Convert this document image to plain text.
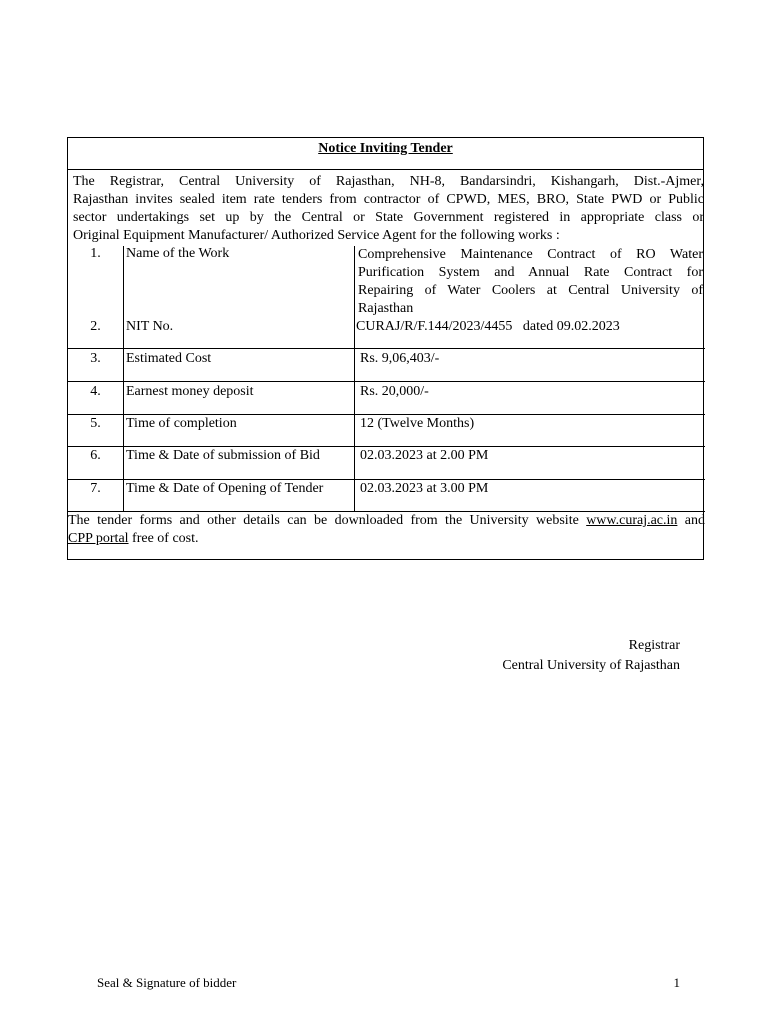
Notice Inviting Tender
The Registrar, Central University of Rajasthan, NH-8, Bandarsindri, Kishangarh, Dist.-Ajmer,
Rajasthan invites sealed item rate tenders from contractor of CPWD, MES, BRO, State PWD or Public
sector undertakings set up by the Central or State Government registered in appropriate class or
Original Equipment Manufacturer/ Authorized Service Agent for the following works :
1.	Name of the Work	Comprehensive Maintenance Contract of RO Water
Purification System and Annual Rate Contract for
Repairing of Water Coolers at Central University of
Rajasthan
2.	NIT No.	CURAJ/R/F.144/2023/4455   dated 09.02.2023
3.	Estimated Cost	Rs. 9,06,403/-
4.	Earnest money deposit	Rs. 20,000/-
5.	Time of completion	12 (Twelve Months)
6.	Time & Date of submission of Bid	02.03.2023 at 2.00 PM
7.	Time & Date of Opening of Tender	02.03.2023 at 3.00 PM
The tender forms and other details can be downloaded from the University website www.curaj.ac.in and
CPP portal free of cost.
Registrar
Central University of Rajasthan
Seal & Signature of bidder	1
